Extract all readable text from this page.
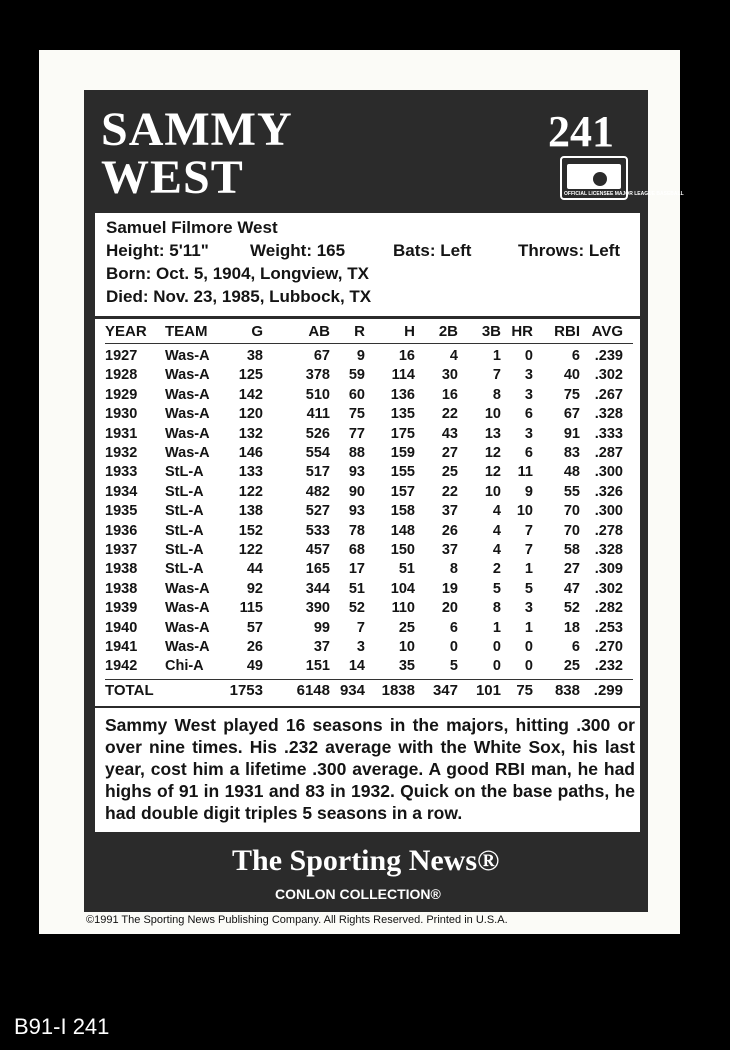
SAMMY
WEST
241
OFFICIAL LICENSEE MAJOR LEAGUE BASEBALL
Samuel Filmore West
Height: 5'11" Weight: 165	Bats: Left	Throws: Left
Born: Oct. 5, 1904, Longview, TX
Died: Nov. 23, 1985, Lubbock, TX
YEAR TEAM	G	AB	R	H	2B	3B HR	RBI AVG
1927	Was-A	38	67	9	16	4	1	0	6	.239
1928	Was-A	125	378	59	114	30	7	3	40	.302
1929	Was-A	142	510	60	136	16	8	3	75	.267
1930	Was-A	120	411	75	135	22	10	6	67	.328
1931	Was-A	132	526	77	175	43	13	3	91	.333
1932	Was-A	146	554	88	159	27	12	6	83	.287
1933	StL-A	133	517	93	155	25	12	11	48	.300
1934	StL-A	122	482	90	157	22	10	9	55	.326
1935	StL-A	138	527	93	158	37	4	10	70	.300
1936	StL-A	152	533	78	148	26	4	7	70	.278
1937	StL-A	122	457	68	150	37	4	7	58	.328
1938	StL-A	44	165	17	51	8	2	1	27	.309
1938	Was-A	92	344	51	104	19	5	5	47	.302
1939	Was-A	115	390	52	110	20	8	3	52	.282
1940	Was-A	57	99	7	25	6	1	1	18	.253
1941	Was-A	26	37	3	10	0	0	0	6	.270
1942	Chi-A	49	151	14	35	5	0	0	25	.232
TOTAL	1753	6148 934	1838	347 101	75	838 .299

Sammy West played 16 seasons in the majors, hitting .300 or over nine times. His .232 average with the White Sox, his last year, cost him a lifetime .300 average. A good RBI man, he had highs of 91 in 1931 and 83 in 1932. Quick on the base paths, he had double digit triples 5 seasons in a row.

The Sporting News®
CONLON COLLECTION®
©1991 The Sporting News Publishing Company. All Rights Reserved. Printed in U.S.A.
B91-I 241
